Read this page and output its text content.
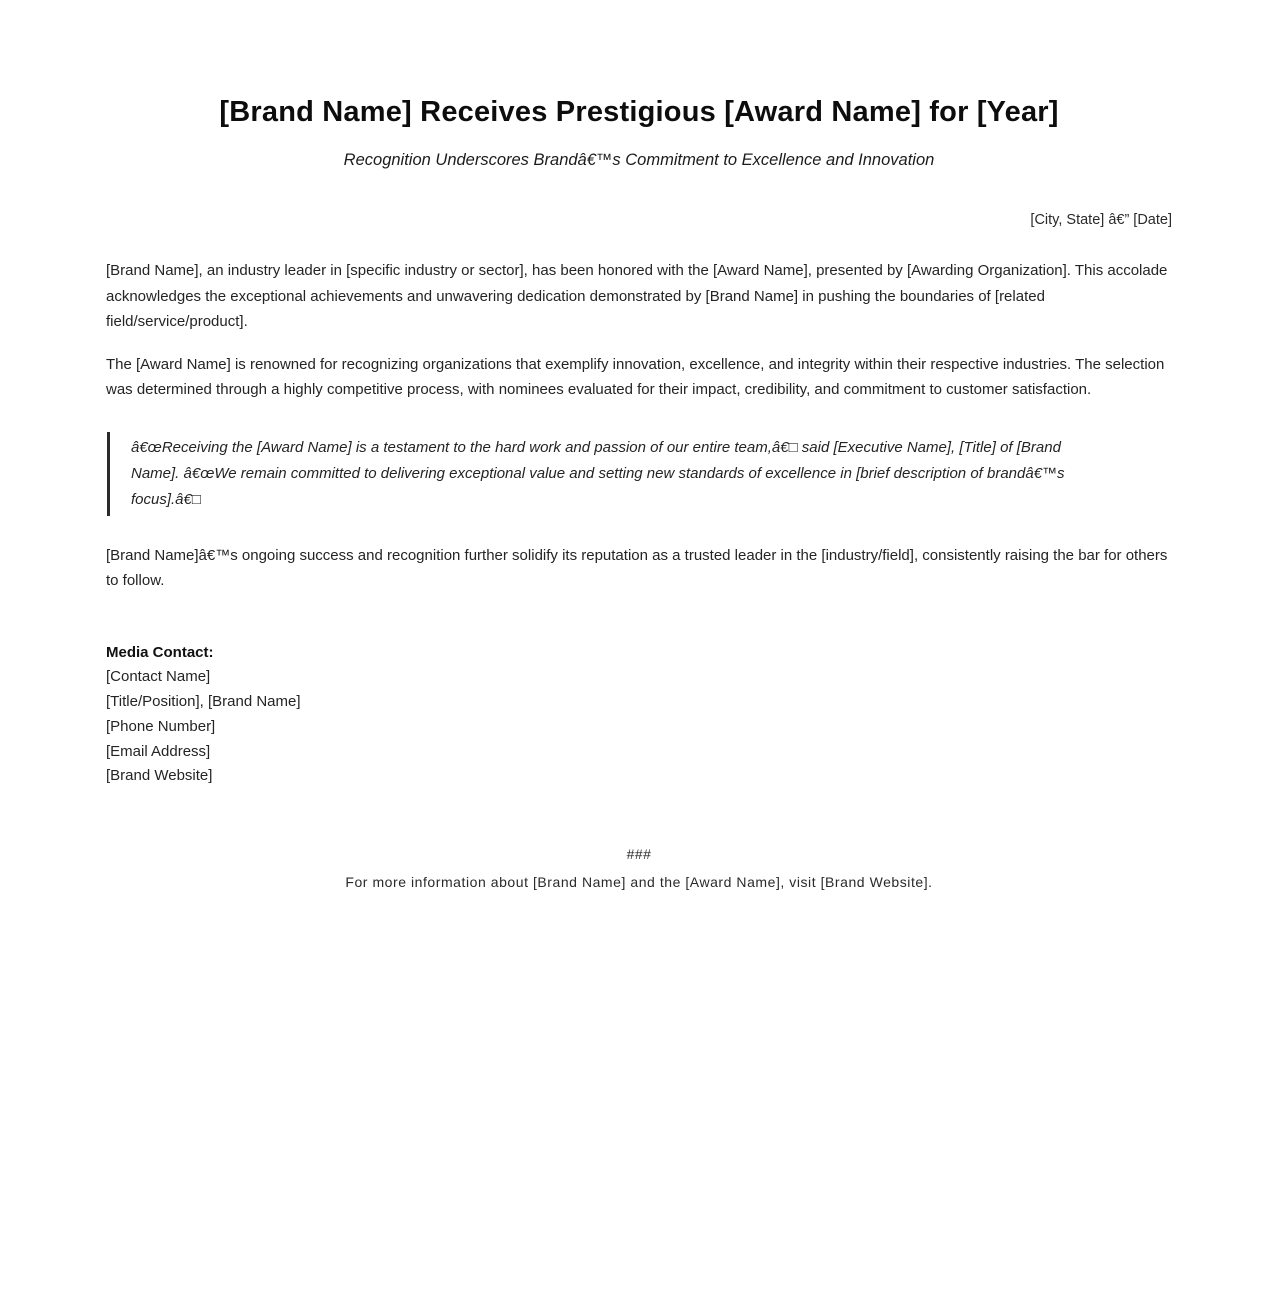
[Brand Name] Receives Prestigious [Award Name] for [Year]
Recognition Underscores Brandâ€™s Commitment to Excellence and Innovation
[City, State] â€” [Date]

[Brand Name], an industry leader in [specific industry or sector], has been honored with the [Award Name], presented by [Awarding Organization]. This accolade acknowledges the exceptional achievements and unwavering dedication demonstrated by [Brand Name] in pushing the boundaries of [related field/service/product].

The [Award Name] is renowned for recognizing organizations that exemplify innovation, excellence, and integrity within their respective industries. The selection was determined through a highly competitive process, with nominees evaluated for their impact, credibility, and commitment to customer satisfaction.

â€œReceiving the [Award Name] is a testament to the hard work and passion of our entire team,â€□ said [Executive Name], [Title] of [Brand Name]. â€œWe remain committed to delivering exceptional value and setting new standards of excellence in [brief description of brandâ€™s focus].â€□

[Brand Name]â€™s ongoing success and recognition further solidify its reputation as a trusted leader in the [industry/field], consistently raising the bar for others to follow.

Media Contact:
[Contact Name]
[Title/Position], [Brand Name]
[Phone Number]
[Email Address]
[Brand Website]
###
For more information about [Brand Name] and the [Award Name], visit [Brand Website].
